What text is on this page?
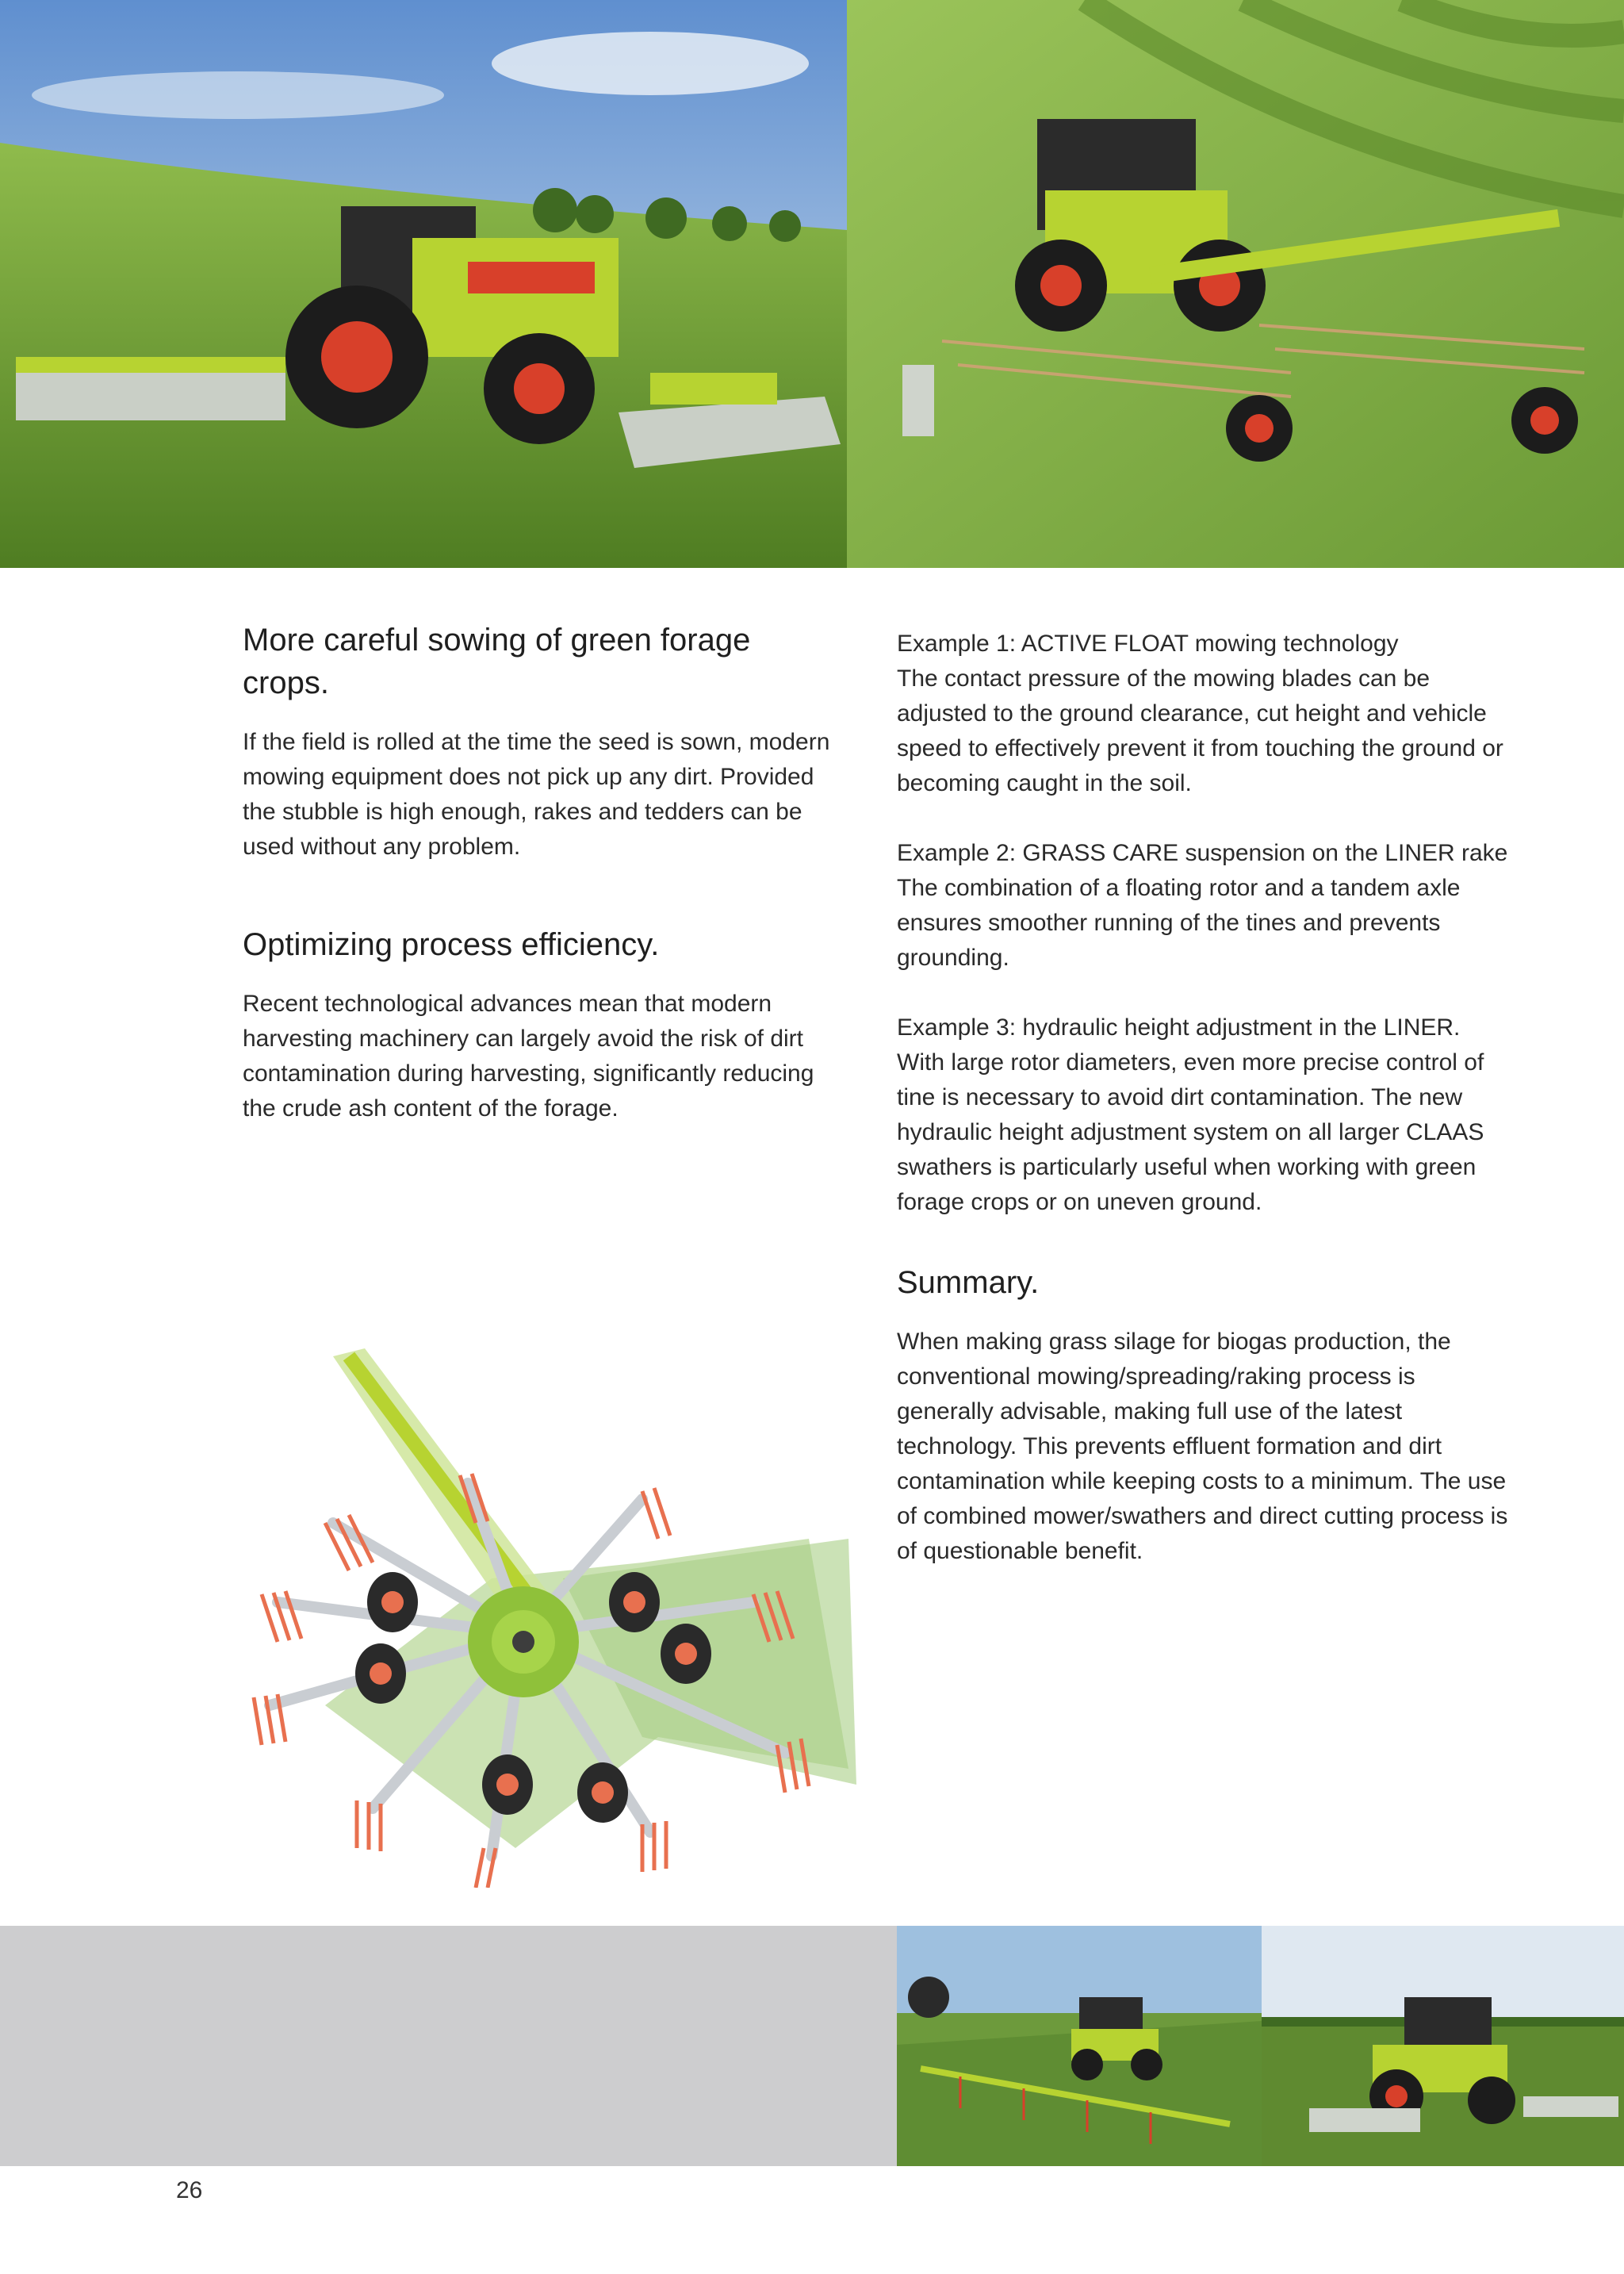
More careful sowing of green forage crops.

If the field is rolled at the time the seed is sown, modern mowing equipment does not pick up any dirt. Provided the stubble is high enough, rakes and tedders can be used without any problem.

Optimizing process efficiency.

Recent technological advances mean that modern harvesting machinery can largely avoid the risk of dirt contamination during harvesting, significantly reducing the crude ash content of the forage.

Example 1: ACTIVE FLOAT mowing technology
The contact pressure of the mowing blades can be adjusted to the ground clearance, cut height and vehicle speed to effectively prevent it from touching the ground or becoming caught in the soil.
Example 2: GRASS CARE suspension on the LINER rake
The combination of a floating rotor and a tandem axle ensures smoother running of the tines and prevents grounding.
Example 3: hydraulic height adjustment in the LINER.
With large rotor diameters, even more precise control of tine is necessary to avoid dirt contamination. The new hydraulic height adjustment system on all larger CLAAS swathers is particularly useful when working with green forage crops or on uneven ground.
Summary.

When making grass silage for biogas production, the conventional mowing/spreading/raking process is generally advisable, making full use of the latest technology. This prevents effluent formation and dirt contamination while keeping costs to a minimum. The use of combined mower/swathers and direct cutting process is of questionable benefit.

26
